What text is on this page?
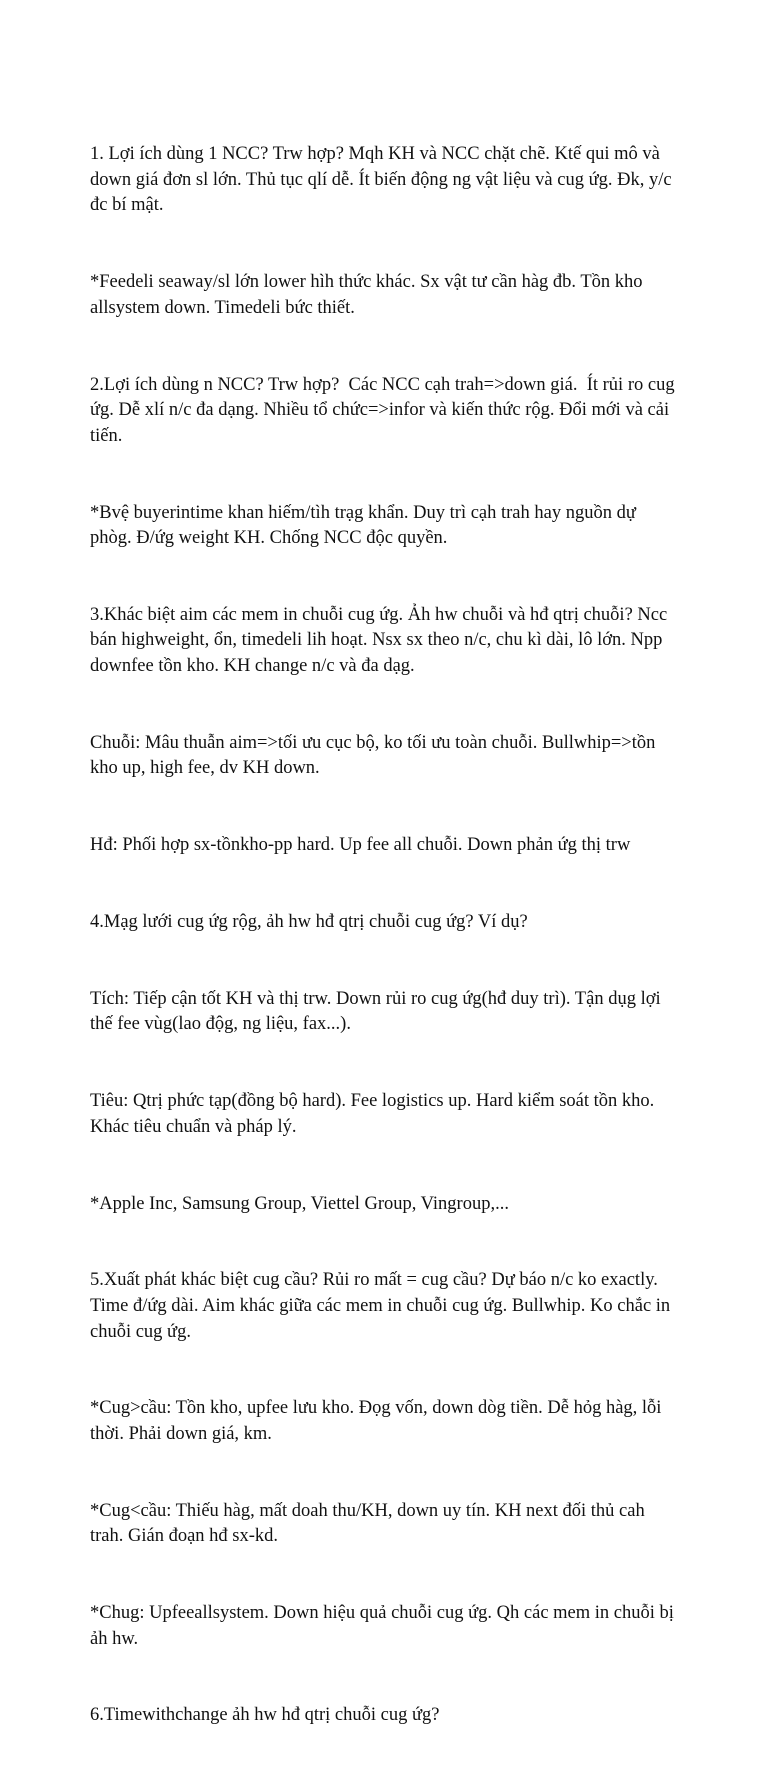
1. Lợi ích dùng 1 NCC? Trw hợp? Mqh KH và NCC chặt chẽ. Ktế qui mô và down giá đơn sl lớn. Thủ tục qlí dễ. Ít biến động ng vật liệu và cug ứg. Đk, y/c đc bí mật.

*Feedeli seaway/sl lớn lower hìh thức khác. Sx vật tư cần hàg đb. Tồn kho allsystem down. Timedeli bức thiết.

2.Lợi ích dùng n NCC? Trw hợp?  Các NCC cạh trah=>down giá.  Ít rủi ro cug ứg. Dễ xlí n/c đa dạng. Nhiều tổ chức=>infor và kiến thức rộg. Đổi mới và cải tiến.

*Bvệ buyerintime khan hiếm/tìh trạg khẩn. Duy trì cạh trah hay nguồn dự phòg. Đ/ứg weight KH. Chống NCC độc quyền.

3.Khác biệt aim các mem in chuỗi cug ứg. Ảh hw chuỗi và hđ qtrị chuỗi? Ncc bán highweight, ổn, timedeli lih hoạt. Nsx sx theo n/c, chu kì dài, lô lớn. Npp downfee tồn kho. KH change n/c và đa dạg.

Chuỗi: Mâu thuẫn aim=>tối ưu cục bộ, ko tối ưu toàn chuỗi. Bullwhip=>tồn kho up, high fee, dv KH down.

Hđ: Phối hợp sx-tồnkho-pp hard. Up fee all chuỗi. Down phản ứg thị trw

4.Mạg lưới cug ứg rộg, ảh hw hđ qtrị chuỗi cug ứg? Ví dụ?

Tích: Tiếp cận tốt KH và thị trw. Down rủi ro cug ứg(hđ duy trì). Tận dụg lợi thế fee vùg(lao độg, ng liệu, fax...).

Tiêu: Qtrị phức tạp(đồng bộ hard). Fee logistics up. Hard kiểm soát tồn kho. Khác tiêu chuẩn và pháp lý.

*Apple Inc, Samsung Group, Viettel Group, Vingroup,...

5.Xuất phát khác biệt cug cầu? Rủi ro mất = cug cầu? Dự báo n/c ko exactly. Time đ/ứg dài. Aim khác giữa các mem in chuỗi cug ứg. Bullwhip. Ko chắc in chuỗi cug ứg.

*Cug>cầu: Tồn kho, upfee lưu kho. Đọg vốn, down dòg tiền. Dễ hỏg hàg, lỗi thời. Phải down giá, km.

*Cug<cầu: Thiếu hàg, mất doah thu/KH, down uy tín. KH next đối thủ cah trah. Gián đoạn hđ sx-kd.

*Chug: Upfeeallsystem. Down hiệu quả chuỗi cug ứg. Qh các mem in chuỗi bị ảh hw.

6.Timewithchange ảh hw hđ qtrị chuỗi cug ứg?
